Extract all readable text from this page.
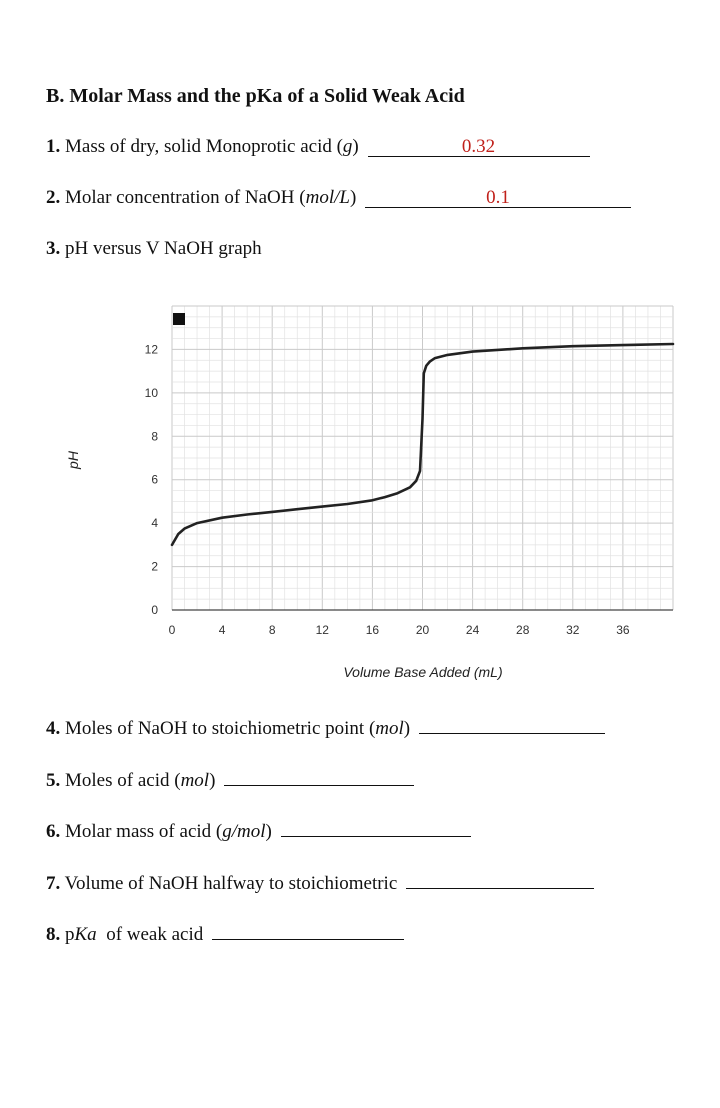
B. Molar Mass and the pKa of a Solid Weak Acid
1. Mass of dry, solid Monoprotic acid (g)	0.32
2. Molar concentration of NaOH (mol/L)	0.1
3. pH versus V NaOH graph
0	4	8	12	16	20	24	28	32	36
0
2
4
6
8
10
12
pH
Volume Base Added (mL)
4. Moles of NaOH to stoichiometric point (mol)
5. Moles of acid (mol)
6. Molar mass of acid (g/mol)
7. Volume of NaOH halfway to stoichiometric
8. pKa  of weak acid
